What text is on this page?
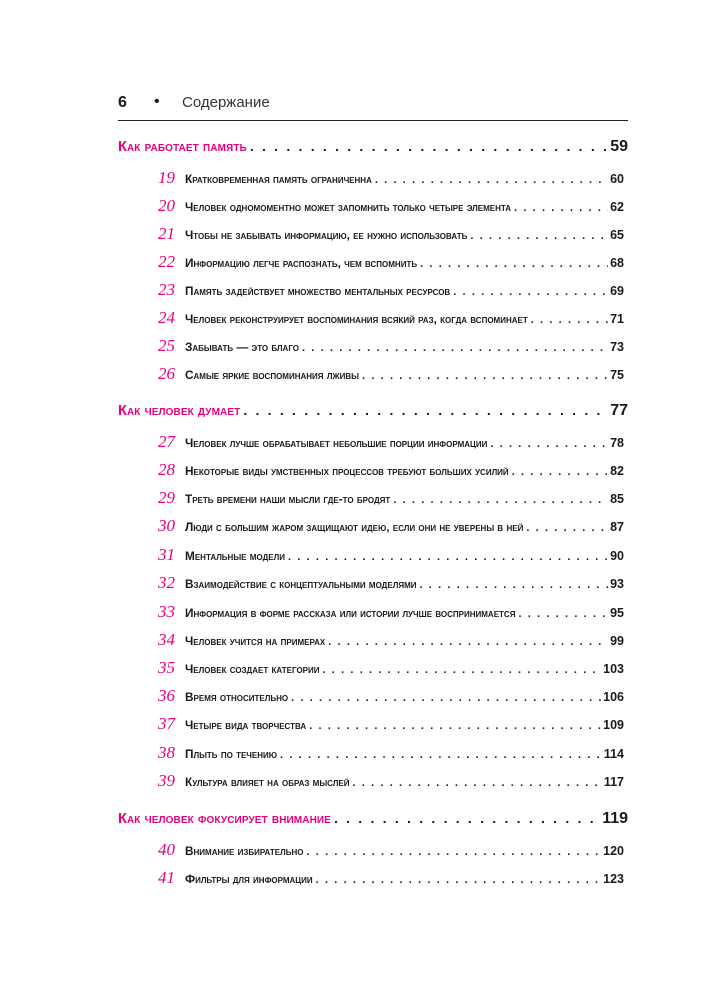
6 • Содержание
Как работает память . . .	59
19 Кратковременная память ограниченна . . .	60
20 Человек одномоментно может запомнить только четыре элемента . . .	62
21 Чтобы не забывать информацию, ее нужно использовать . . .	65
22 Информацию легче распознать, чем вспомнить . . .	68
23 Память задействует множество ментальных ресурсов . . .	69
24 Человек реконструирует воспоминания всякий раз, когда вспоминает . . .	71
25 Забывать — это благо . . .	73
26 Самые яркие воспоминания лживы . . .	75
Как человек думает . . .	77
27 Человек лучше обрабатывает небольшие порции информации . . .	78
28 Некоторые виды умственных процессов требуют больших усилий . . .	82
29 Треть времени наши мысли где-то бродят . . .	85
30 Люди с большим жаром защищают идею, если они не уверены в ней . . .	87
31 Ментальные модели . . .	90
32 Взаимодействие с концептуальными моделями . . .	93
33 Информация в форме рассказа или истории лучше воспринимается . . .	95
34 Человек учится на примерах . . .	99
35 Человек создает категории . . .	103
36 Время относительно . . .	106
37 Четыре вида творчества . . .	109
38 Плыть по течению . . .	114
39 Культура влияет на образ мыслей . . .	117
Как человек фокусирует внимание . . .	119
40 Внимание избирательно . . .	120
41 Фильтры для информации . . .	123
